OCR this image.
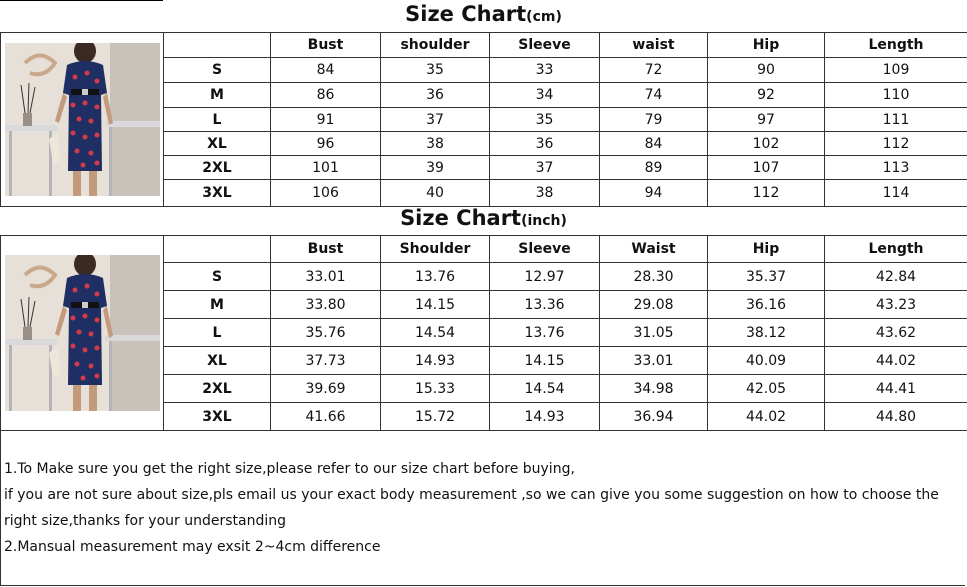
Size Chart(cm)
		Bust	shoulder	Sleeve	waist	Hip	Length
	S	84	35	33	72	90	109
	M	86	36	34	74	92	110
	L	91	37	35	79	97	111
	XL	96	38	36	84	102	112
	2XL	101	39	37	89	107	113
	3XL	106	40	38	94	112	114
Size Chart(inch)
		Bust	Shoulder	Sleeve	Waist	Hip	Length
	S	33.01	13.76	12.97	28.30	35.37	42.84
	M	33.80	14.15	13.36	29.08	36.16	43.23
	L	35.76	14.54	13.76	31.05	38.12	43.62
	XL	37.73	14.93	14.15	33.01	40.09	44.02
	2XL	39.69	15.33	14.54	34.98	42.05	44.41
	3XL	41.66	15.72	14.93	36.94	44.02	44.80

1.To Make sure you get the right size,please refer to our size chart before buying,

if you are not sure about size,pls email us your exact body measurement ,so we can give you some suggestion on how to choose the right size,thanks for your understanding

2.Mansual measurement may exsit 2~4cm difference
